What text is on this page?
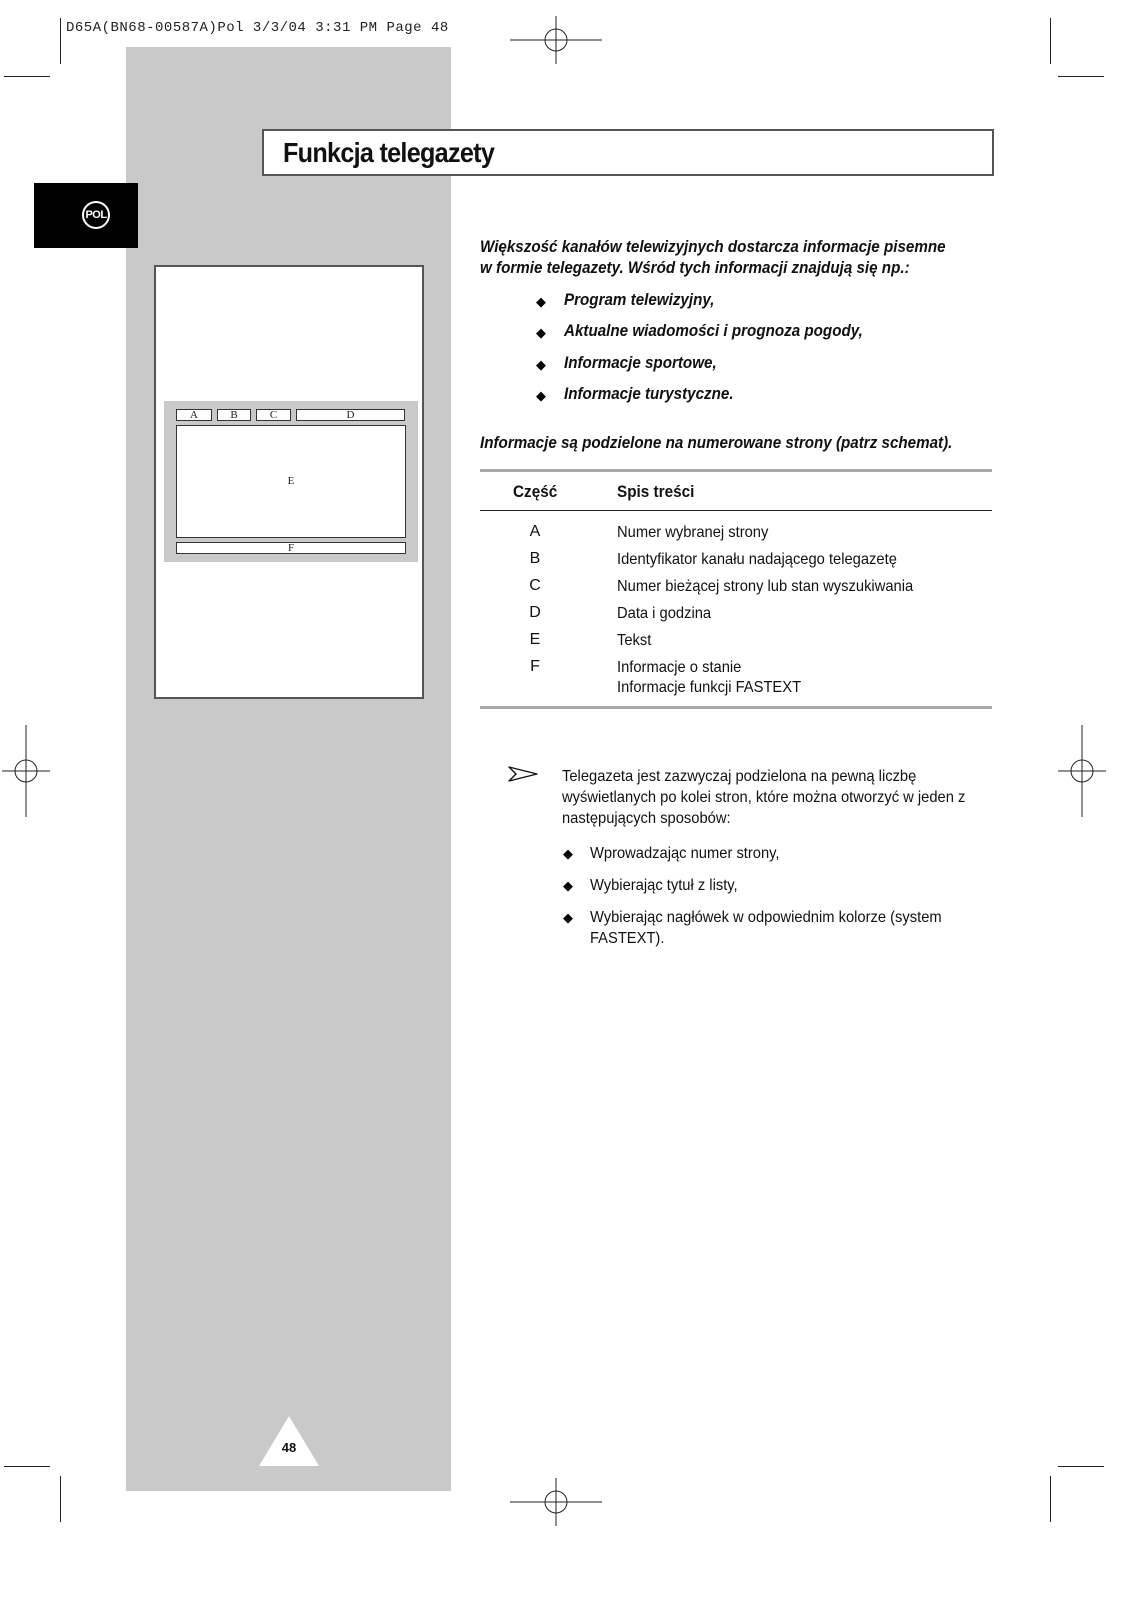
D65A(BN68-00587A)Pol 3/3/04 3:31 PM Page 48
POL
Funkcja telegazety
A	B	C	D
E
F
Większość kanałów telewizyjnych dostarcza informacje pisemne w formie telegazety. Wśród tych informacji znajdują się np.:
◆ Program telewizyjny,
◆ Aktualne wiadomości i prognoza pogody,
◆ Informacje sportowe,
◆ Informacje turystyczne.
Informacje są podzielone na numerowane strony (patrz schemat).
Część	Spis treści
A	Numer wybranej strony
B	Identyfikator kanału nadającego telegazetę
C	Numer bieżącej strony lub stan wyszukiwania
D	Data i godzina
E	Tekst
F	Informacje o stanie
Informacje funkcji FASTEXT
Telegazeta jest zazwyczaj podzielona na pewną liczbę wyświetlanych po kolei stron, które można otworzyć w jeden z następujących sposobów:
◆ Wprowadzając numer strony,
◆ Wybierając tytuł z listy,
◆ Wybierając nagłówek w odpowiednim kolorze (system FASTEXT).
48
